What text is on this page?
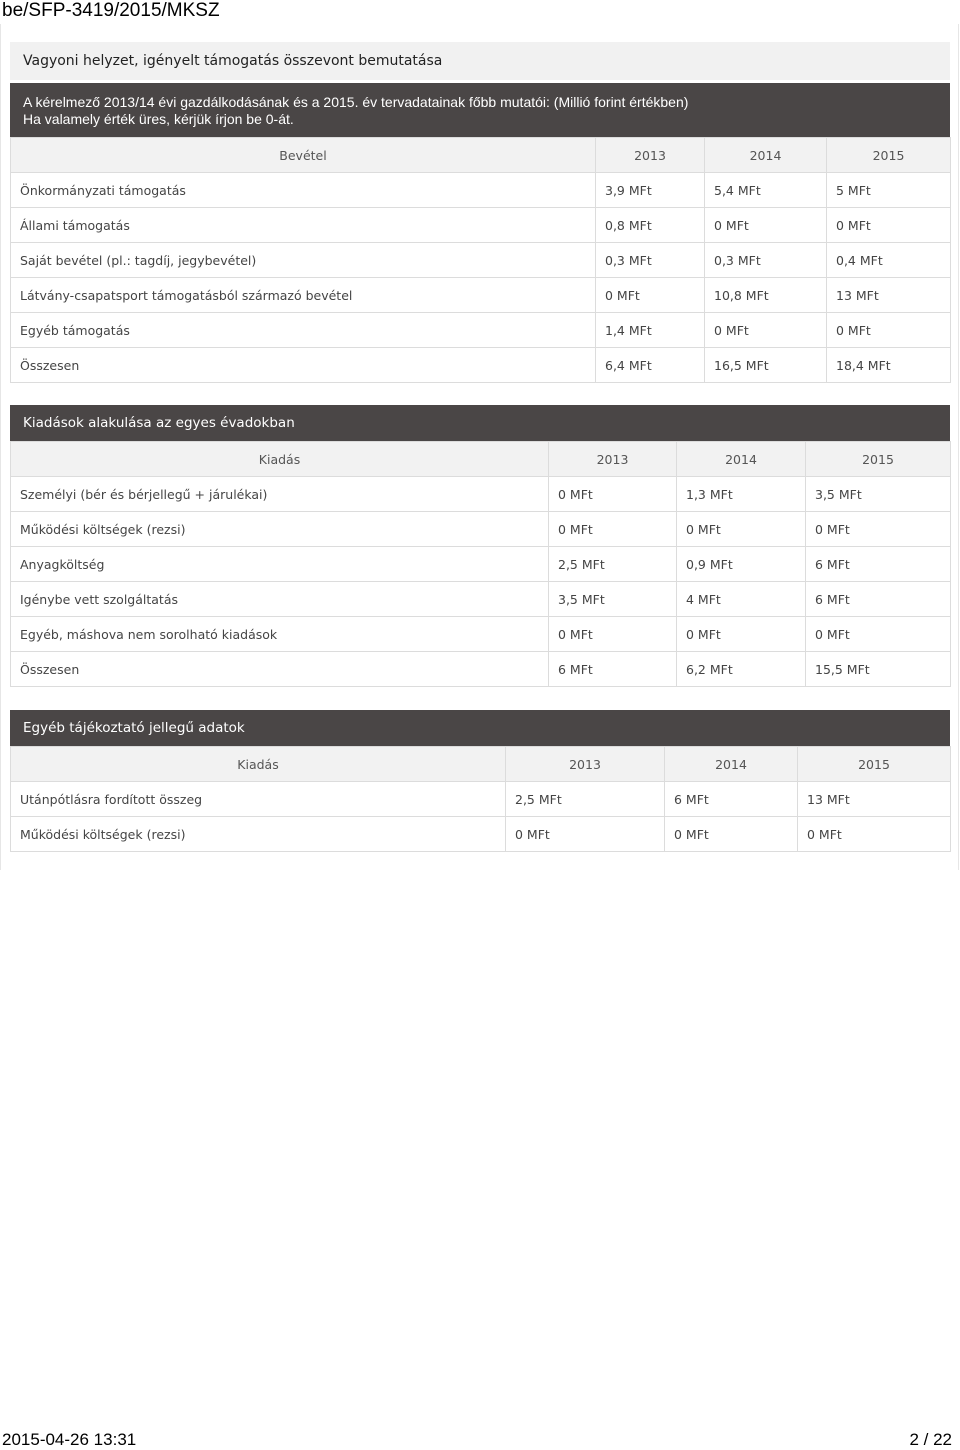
be/SFP-3419/2015/MKSZ
Vagyoni helyzet, igényelt támogatás összevont bemutatása
A kérelmező 2013/14 évi gazdálkodásának és a 2015. év tervadatainak főbb mutatói: (Millió forint értékben)
Ha valamely érték üres, kérjük írjon be 0-át.
Bevétel	2013	2014	2015
Önkormányzati támogatás	3,9 MFt	5,4 MFt	5 MFt
Állami támogatás	0,8 MFt	0 MFt	0 MFt
Saját bevétel (pl.: tagdíj, jegybevétel)	0,3 MFt	0,3 MFt	0,4 MFt
Látvány-csapatsport támogatásból származó bevétel	0 MFt	10,8 MFt	13 MFt
Egyéb támogatás	1,4 MFt	0 MFt	0 MFt
Összesen	6,4 MFt	16,5 MFt	18,4 MFt
Kiadások alakulása az egyes évadokban
Kiadás	2013	2014	2015
Személyi (bér és bérjellegű + járulékai)	0 MFt	1,3 MFt	3,5 MFt
Működési költségek (rezsi)	0 MFt	0 MFt	0 MFt
Anyagköltség	2,5 MFt	0,9 MFt	6 MFt
Igénybe vett szolgáltatás	3,5 MFt	4 MFt	6 MFt
Egyéb, máshova nem sorolható kiadások	0 MFt	0 MFt	0 MFt
Összesen	6 MFt	6,2 MFt	15,5 MFt
Egyéb tájékoztató jellegű adatok
Kiadás	2013	2014	2015
Utánpótlásra fordított összeg	2,5 MFt	6 MFt	13 MFt
Működési költségek (rezsi)	0 MFt	0 MFt	0 MFt
2015-04-26 13:31	2 / 22
